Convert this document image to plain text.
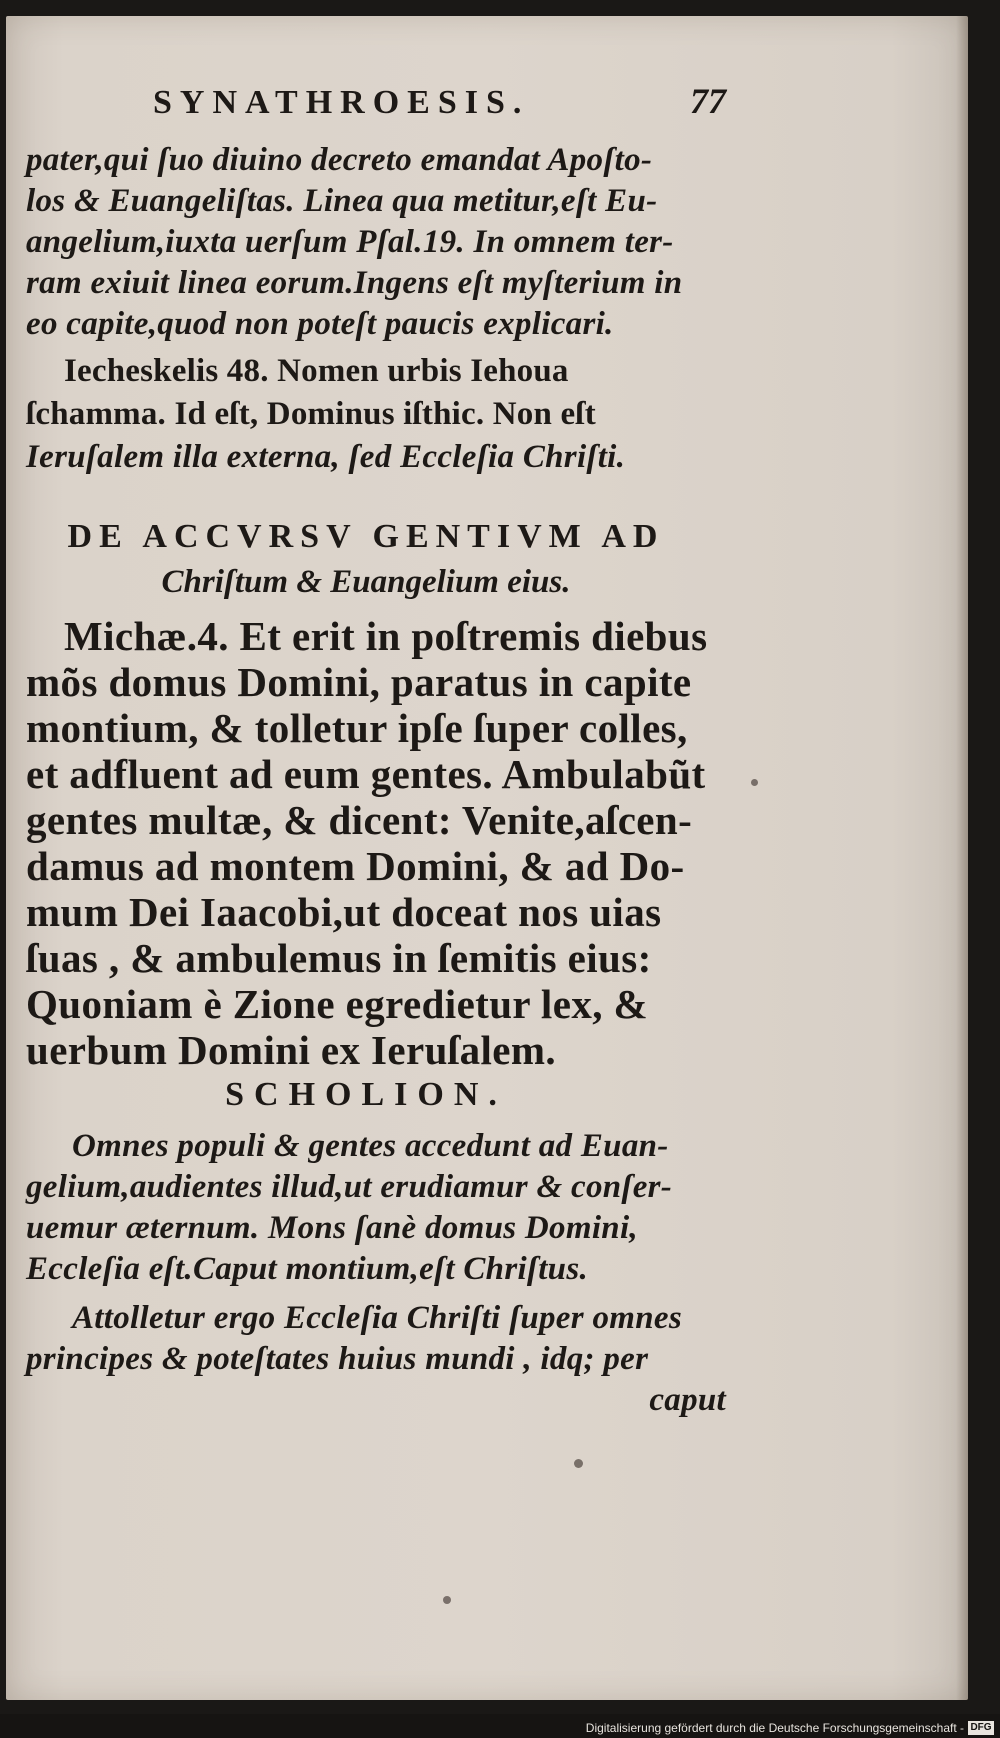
SYNATHROESIS.	77
pater,qui ſuo diuino decreto emandat Apoſto-
los & Euangeliſtas. Linea qua metitur,eſt Eu-
angelium,iuxta uerſum Pſal.19. In omnem ter-
ram exiuit linea eorum.Ingens eſt myſterium in
eo capite,quod non poteſt paucis explicari.
Iecheskelis 48. Nomen urbis Iehoua
ſchamma. Id eſt, Dominus iſthic. Non eſt
Ieruſalem illa externa, ſed Eccleſia Chriſti.
DE ACCVRSV GENTIVM AD
Chriſtum & Euangelium eius.
Michæ.4. Et erit in poſtremis diebus
mõs domus Domini, paratus in capite
montium, & tolletur ipſe ſuper colles,
et adfluent ad eum gentes. Ambulabũt
gentes multæ, & dicent: Venite,aſcen-
damus ad montem Domini, & ad Do-
mum Dei Iaacobi,ut doceat nos uias
ſuas , & ambulemus in ſemitis eius:
Quoniam è Zione egredietur lex, &
uerbum Domini ex Ieruſalem.
SCHOLION.
Omnes populi & gentes accedunt ad Euan-
gelium,audientes illud,ut erudiamur & conſer-
uemur æternum. Mons ſanè domus Domini,
Eccleſia eſt.Caput montium,eſt Chriſtus.
Attolletur ergo Eccleſia Chriſti ſuper omnes
principes & poteſtates huius mundi , idq; per
caput
Digitalisierung gefördert durch die Deutsche Forschungsgemeinschaft - DFG
